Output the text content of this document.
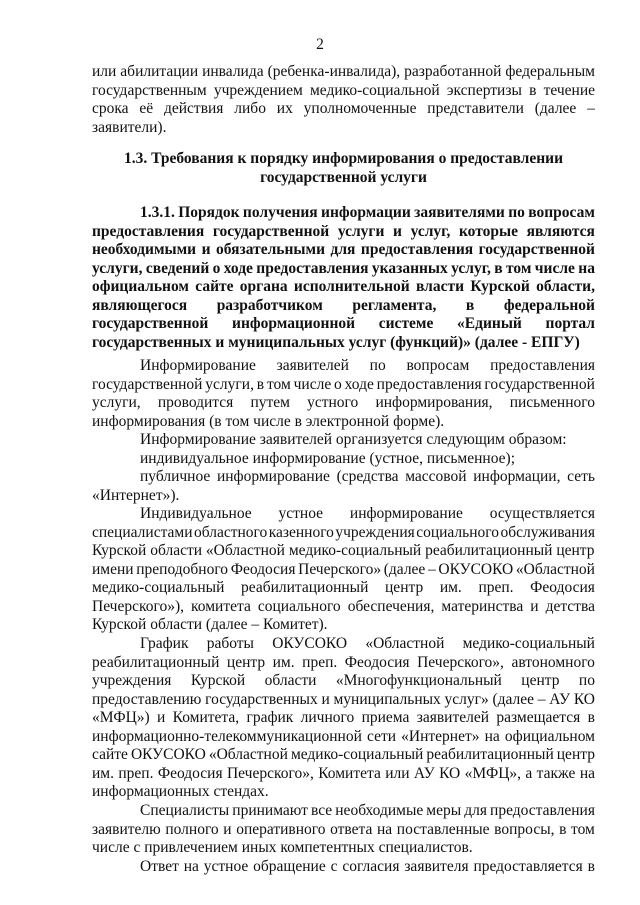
2
или абилитации инвалида (ребенка-инвалида), разработанной федеральным
государственным учреждением медико-социальной экспертизы в течение
срока её действия либо их уполномоченные представители (далее –
заявители).
1.3. Требования к порядку информирования о предоставлении
государственной услуги
1.3.1. Порядок получения информации заявителями по вопросам
предоставления государственной услуги и услуг, которые являются
необходимыми и обязательными для предоставления государственной
услуги, сведений о ходе предоставления указанных услуг, в том числе на
официальном сайте органа исполнительной власти Курской области,
являющегося разработчиком регламента, в федеральной
государственной информационной системе «Единый портал
государственных и муниципальных услуг (функций)» (далее - ЕПГУ)
Информирование заявителей по вопросам предоставления
государственной услуги, в том числе о ходе предоставления государственной
услуги, проводится путем устного информирования, письменного
информирования (в том числе в электронной форме).
Информирование заявителей организуется следующим образом:
индивидуальное информирование (устное, письменное);
публичное информирование (средства массовой информации, сеть
«Интернет»).
Индивидуальное устное информирование осуществляется
специалистами областного казенного учреждения социального обслуживания
Курской области «Областной медико-социальный реабилитационный центр
имени преподобного Феодосия Печерского» (далее – ОКУСОКО «Областной
медико-социальный реабилитационный центр им. преп. Феодосия
Печерского»), комитета социального обеспечения, материнства и детства
Курской области (далее – Комитет).
График работы ОКУСОКО «Областной медико-социальный
реабилитационный центр им. преп. Феодосия Печерского», автономного
учреждения Курской области «Многофункциональный центр по
предоставлению государственных и муниципальных услуг» (далее – АУ КО
«МФЦ») и Комитета, график личного приема заявителей размещается в
информационно-телекоммуникационной сети «Интернет» на официальном
сайте ОКУСОКО «Областной медико-социальный реабилитационный центр
им. преп. Феодосия Печерского», Комитета или АУ КО «МФЦ», а также на
информационных стендах.
Специалисты принимают все необходимые меры для предоставления
заявителю полного и оперативного ответа на поставленные вопросы, в том
числе с привлечением иных компетентных специалистов.
Ответ на устное обращение с согласия заявителя предоставляется в
